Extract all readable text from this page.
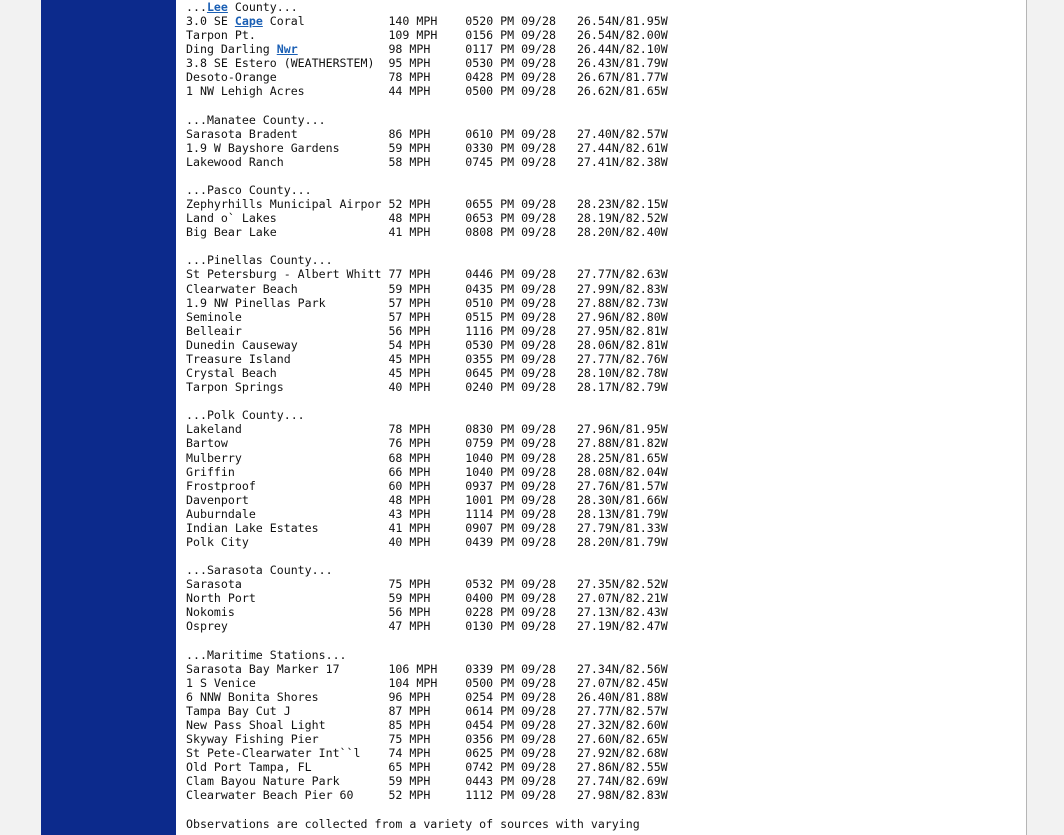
...Lee County...
3.0 SE Cape Coral	140 MPH 0520 PM 09/28 26.54N/81.95W
Tarpon Pt.	109 MPH 0156 PM 09/28 26.54N/82.00W
Ding Darling Nwr	98 MPH	0117 PM 09/28 26.44N/82.10W
3.8 SE Estero (WEATHERSTEM) 95 MPH	0530 PM 09/28 26.43N/81.79W
Desoto-Orange	78 MPH	0428 PM 09/28 26.67N/81.77W
1 NW Lehigh Acres	44 MPH	0500 PM 09/28 26.62N/81.65W

...Manatee County...
Sarasota Bradent	86 MPH	0610 PM 09/28 27.40N/82.57W
1.9 W Bayshore Gardens	59 MPH	0330 PM 09/28 27.44N/82.61W
Lakewood Ranch	58 MPH	0745 PM 09/28 27.41N/82.38W

...Pasco County...
Zephyrhills Municipal Airpor 52 MPH	0655 PM 09/28 28.23N/82.15W
Land o` Lakes	48 MPH	0653 PM 09/28 28.19N/82.52W
Big Bear Lake	41 MPH	0808 PM 09/28 28.20N/82.40W

...Pinellas County...
St Petersburg - Albert Whitt 77 MPH	0446 PM 09/28 27.77N/82.63W
Clearwater Beach	59 MPH	0435 PM 09/28 27.99N/82.83W
1.9 NW Pinellas Park	57 MPH	0510 PM 09/28 27.88N/82.73W
Seminole	57 MPH	0515 PM 09/28 27.96N/82.80W
Belleair	56 MPH	1116 PM 09/28 27.95N/82.81W
Dunedin Causeway	54 MPH	0530 PM 09/28 28.06N/82.81W
Treasure Island	45 MPH	0355 PM 09/28 27.77N/82.76W
Crystal Beach	45 MPH	0645 PM 09/28 28.10N/82.78W
Tarpon Springs	40 MPH	0240 PM 09/28 28.17N/82.79W

...Polk County...
Lakeland	78 MPH	0830 PM 09/28 27.96N/81.95W
Bartow	76 MPH	0759 PM 09/28 27.88N/81.82W
Mulberry	68 MPH	1040 PM 09/28 28.25N/81.65W
Griffin	66 MPH	1040 PM 09/28 28.08N/82.04W
Frostproof	60 MPH	0937 PM 09/28 27.76N/81.57W
Davenport	48 MPH	1001 PM 09/28 28.30N/81.66W
Auburndale	43 MPH	1114 PM 09/28 28.13N/81.79W
Indian Lake Estates	41 MPH	0907 PM 09/28 27.79N/81.33W
Polk City	40 MPH	0439 PM 09/28 28.20N/81.79W

...Sarasota County...
Sarasota	75 MPH	0532 PM 09/28 27.35N/82.52W
North Port	59 MPH	0400 PM 09/28 27.07N/82.21W
Nokomis	56 MPH	0228 PM 09/28 27.13N/82.43W
Osprey	47 MPH	0130 PM 09/28 27.19N/82.47W

...Maritime Stations...
Sarasota Bay Marker 17	106 MPH 0339 PM 09/28 27.34N/82.56W
1 S Venice	104 MPH 0500 PM 09/28 27.07N/82.45W
6 NNW Bonita Shores	96 MPH	0254 PM 09/28 26.40N/81.88W
Tampa Bay Cut J	87 MPH	0614 PM 09/28 27.77N/82.57W
New Pass Shoal Light	85 MPH	0454 PM 09/28 27.32N/82.60W
Skyway Fishing Pier	75 MPH	0356 PM 09/28 27.60N/82.65W
St Pete-Clearwater Int``l 74 MPH	0625 PM 09/28 27.92N/82.68W
Old Port Tampa, FL	65 MPH	0742 PM 09/28 27.86N/82.55W
Clam Bayou Nature Park	59 MPH	0443 PM 09/28 27.74N/82.69W
Clearwater Beach Pier 60	52 MPH	1112 PM 09/28 27.98N/82.83W

Observations are collected from a variety of sources with varying
